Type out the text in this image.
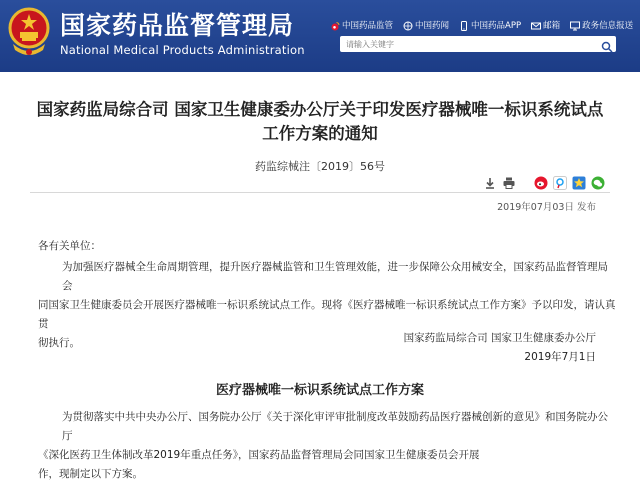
国家药品监督管理局
National Medical Products Administration
中国药品监管	中国药闻	中国药品APP	邮箱	政务信息报送
请输入关键字
国家药监局综合司 国家卫生健康委办公厅关于印发医疗器械唯一标识系统试点
工作方案的通知
药监综械注〔2019〕56号
2019年07月03日 发布
各有关单位：
为加强医疗器械全生命周期管理，提升医疗器械监管和卫生管理效能，进一步保障公众用械安全，国家药品监督管理局会
同国家卫生健康委员会开展医疗器械唯一标识系统试点工作。现将《医疗器械唯一标识系统试点工作方案》予以印发，请认真贯
彻执行。	国家药监局综合司 国家卫生健康委办公厅
2019年7月1日
医疗器械唯一标识系统试点工作方案
为贯彻落实中共中央办公厅、国务院办公厅《关于深化审评审批制度改革鼓励药品医疗器械创新的意见》和国务院办公厅
《深化医药卫生体制改革2019年重点任务》，国家药品监督管理局会同国家卫生健康委员会开展
作，现制定以下方案。
